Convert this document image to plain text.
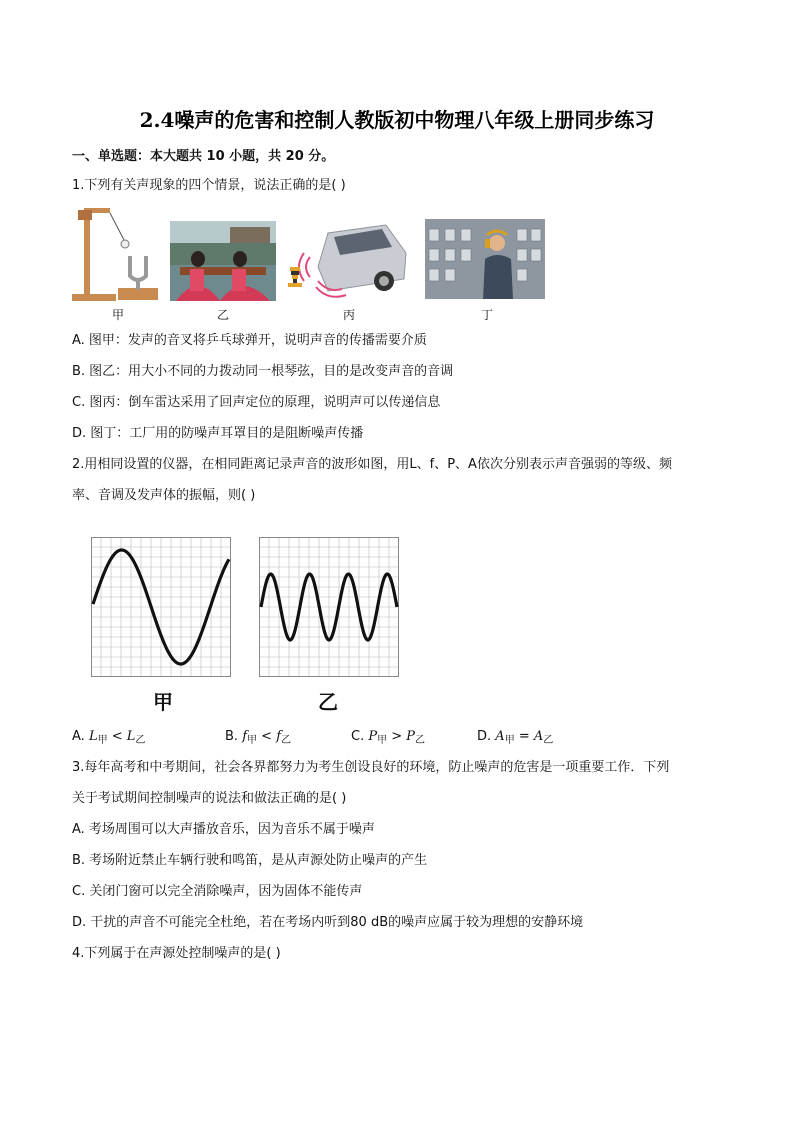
2.4噪声的危害和控制人教版初中物理八年级上册同步练习
一、单选题：本大题共 10 小题，共 20 分。
1.下列有关声现象的四个情景，说法正确的是( )
甲	乙	丙	丁
A. 图甲：发声的音叉将乒乓球弹开，说明声音的传播需要介质
B. 图乙：用大小不同的力拨动同一根琴弦，目的是改变声音的音调
C. 图丙：倒车雷达采用了回声定位的原理，说明声可以传递信息
D. 图丁：工厂用的防噪声耳罩目的是阻断噪声传播
2.用相同设置的仪器，在相同距离记录声音的波形如图，用L、f、P、A依次分别表示声音强弱的等级、频
率、音调及发声体的振幅，则( )
甲	乙
A. $L_甲 < L_乙$	B. $f_甲 < f_乙$	C. $P_甲 > P_乙$	D. $A_甲 = A_乙$
3.每年高考和中考期间，社会各界都努力为考生创设良好的环境，防止噪声的危害是一项重要工作．下列
关于考试期间控制噪声的说法和做法正确的是( )
A. 考场周围可以大声播放音乐，因为音乐不属于噪声
B. 考场附近禁止车辆行驶和鸣笛，是从声源处防止噪声的产生
C. 关闭门窗可以完全消除噪声，因为固体不能传声
D. 干扰的声音不可能完全杜绝，若在考场内听到80 dB的噪声应属于较为理想的安静环境
4.下列属于在声源处控制噪声的是( )
